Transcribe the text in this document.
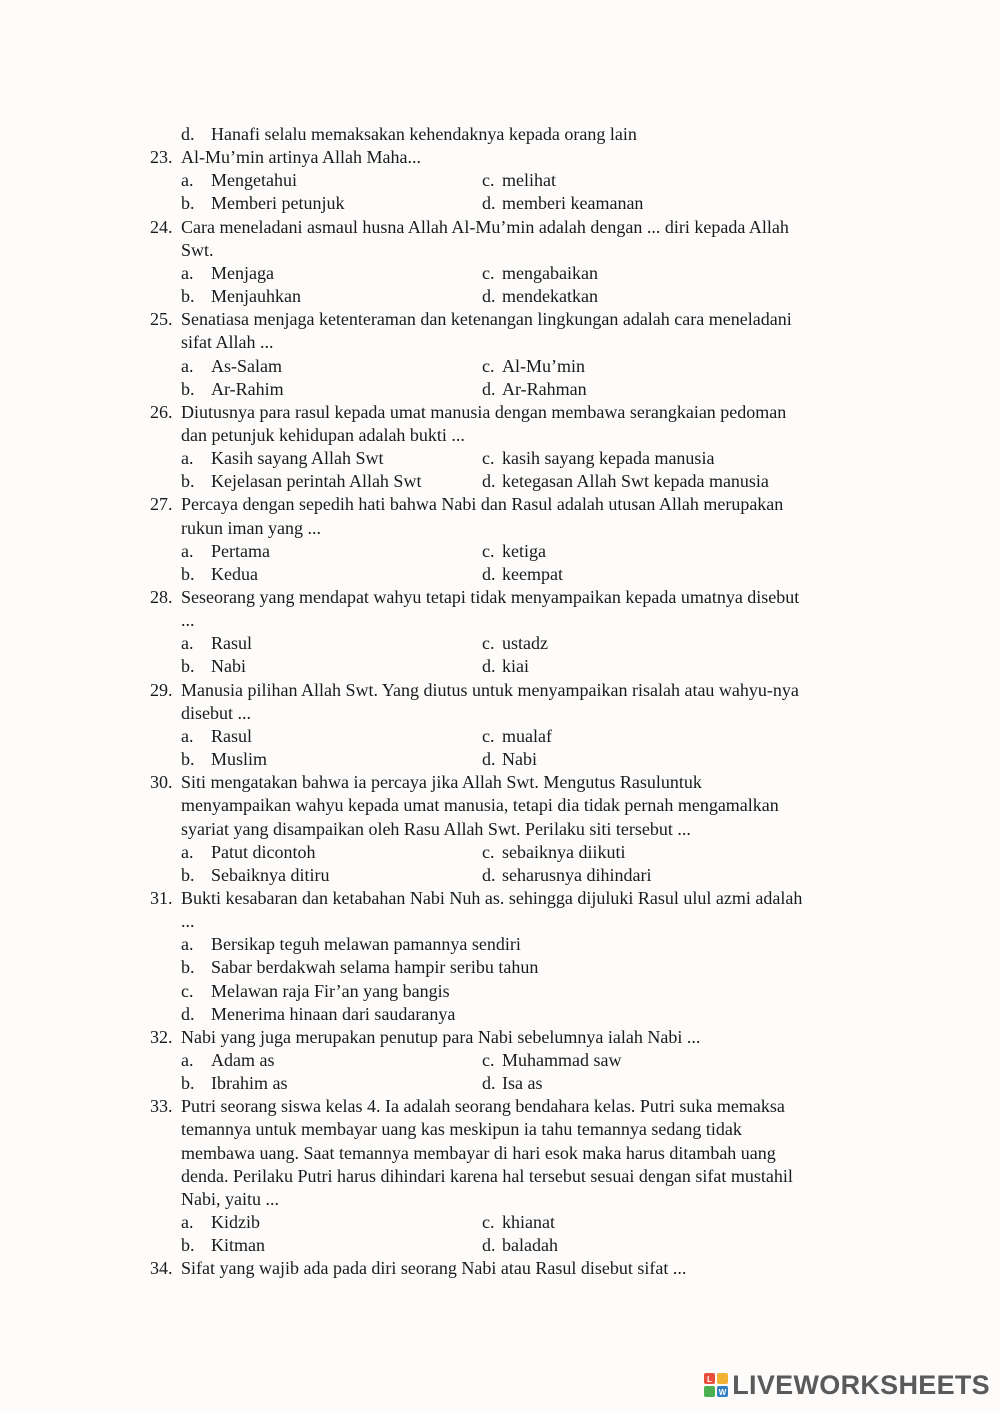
d. Hanafi selalu memaksakan kehendaknya kepada orang lain
23. Al-Mu’min artinya Allah Maha...
a. Mengetahui	c. melihat
b. Memberi petunjuk	d. memberi keamanan
24. Cara meneladani asmaul husna Allah Al-Mu’min adalah dengan ... diri kepada Allah
Swt.
a. Menjaga	c. mengabaikan
b. Menjauhkan	d. mendekatkan
25. Senatiasa menjaga ketenteraman dan ketenangan lingkungan adalah cara meneladani
sifat Allah ...
a. As-Salam	c. Al-Mu’min
b. Ar-Rahim	d. Ar-Rahman
26. Diutusnya para rasul kepada umat manusia dengan membawa serangkaian pedoman
dan petunjuk kehidupan adalah bukti ...
a. Kasih sayang Allah Swt	c. kasih sayang kepada manusia
b. Kejelasan perintah Allah Swt	d. ketegasan Allah Swt kepada manusia
27. Percaya dengan sepedih hati bahwa Nabi dan Rasul adalah utusan Allah merupakan
rukun iman yang ...
a. Pertama	c. ketiga
b. Kedua	d. keempat
28. Seseorang yang mendapat wahyu tetapi tidak menyampaikan kepada umatnya disebut
...
a. Rasul	c. ustadz
b. Nabi	d. kiai
29. Manusia pilihan Allah Swt. Yang diutus untuk menyampaikan risalah atau wahyu-nya
disebut ...
a. Rasul	c. mualaf
b. Muslim	d. Nabi
30. Siti mengatakan bahwa ia percaya jika Allah Swt. Mengutus Rasuluntuk
menyampaikan wahyu kepada umat manusia, tetapi dia tidak pernah mengamalkan
syariat yang disampaikan oleh Rasu Allah Swt. Perilaku siti tersebut ...
a. Patut dicontoh	c. sebaiknya diikuti
b. Sebaiknya ditiru	d. seharusnya dihindari
31. Bukti kesabaran dan ketabahan Nabi Nuh as. sehingga dijuluki Rasul ulul azmi adalah
...
a. Bersikap teguh melawan pamannya sendiri
b. Sabar berdakwah selama hampir seribu tahun
c. Melawan raja Fir’an yang bangis
d. Menerima hinaan dari saudaranya
32. Nabi yang juga merupakan penutup para Nabi sebelumnya ialah Nabi ...
a. Adam as	c. Muhammad saw
b. Ibrahim as	d. Isa as
33. Putri seorang siswa kelas 4. Ia adalah seorang bendahara kelas. Putri suka memaksa
temannya untuk membayar uang kas meskipun ia tahu temannya sedang tidak
membawa uang. Saat temannya membayar di hari esok maka harus ditambah uang
denda. Perilaku Putri harus dihindari karena hal tersebut sesuai dengan sifat mustahil
Nabi, yaitu ...
a. Kidzib	c. khianat
b. Kitman	d. baladah
34. Sifat yang wajib ada pada diri seorang Nabi atau Rasul disebut sifat ...
L
W LIVEWORKSHEETS
